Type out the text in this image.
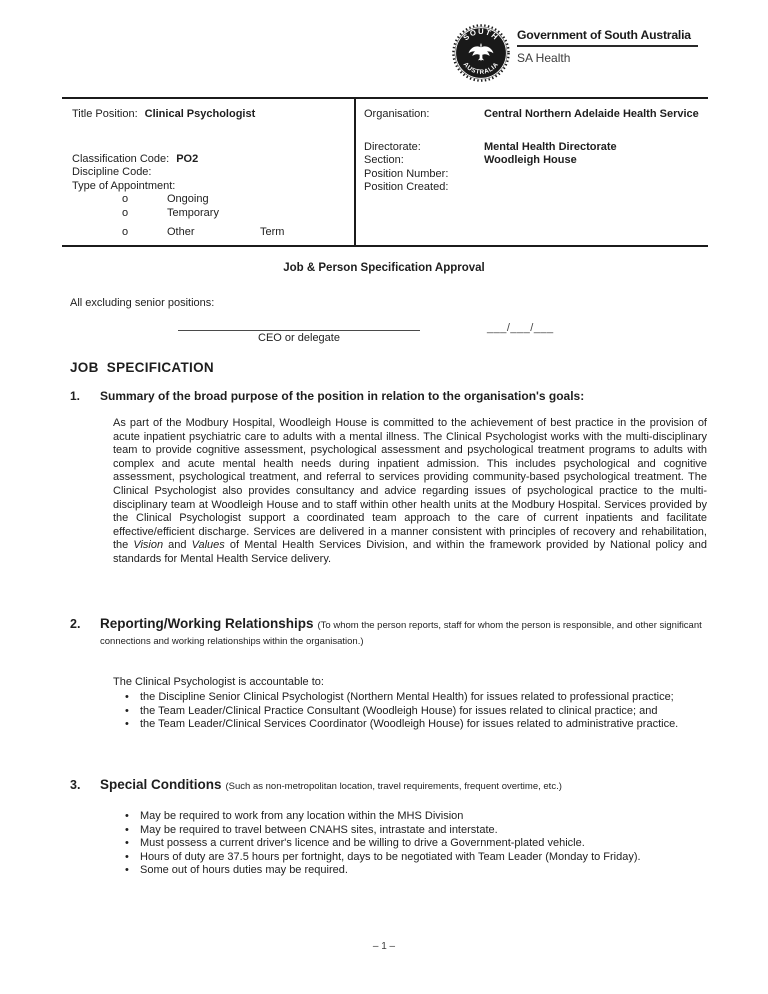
SOUTH
AUSTRALIA
Government of South Australia
SA Health
Title Position: Clinical Psychologist
Classification Code: PO2
Discipline Code:
Type of Appointment:
o	Ongoing
o	Temporary
o	Other	Term
Organisation:	Central Northern Adelaide Health Service
Directorate:	Mental Health Directorate
Section:	Woodleigh House
Position Number:
Position Created:
Job & Person Specification Approval
All excluding senior positions:
CEO or delegate
___/___/___
JOB  SPECIFICATION
1.	Summary of the broad purpose of the position in relation to the organisation's goals:

As part of the Modbury Hospital, Woodleigh House is committed to the achievement of best practice in the provision of acute inpatient psychiatric care to adults with a mental illness. The Clinical Psychologist works with the multi-disciplinary team to provide cognitive assessment, psychological assessment and psychological treatment programs to adults with complex and acute mental health needs during inpatient admission. This includes psychological and cognitive assessment, psychological treatment, and referral to services providing community-based psychological treatment. The Clinical Psychologist also provides consultancy and advice regarding issues of psychological practice to the multi-disciplinary team at Woodleigh House and to staff within other health units at the Modbury Hospital. Services provided by the Clinical Psychologist support a coordinated team approach to the care of current inpatients and facilitate effective/efficient discharge. Services are delivered in a manner consistent with principles of recovery and rehabilitation, the Vision and Values of Mental Health Services Division, and within the framework provided by National policy and standards for Mental Health Service delivery.

2.	Reporting/Working Relationships (To whom the person reports, staff for whom the person is responsible, and other significant connections and working relationships within the organisation.)
The Clinical Psychologist is accountable to:
• the Discipline Senior Clinical Psychologist (Northern Mental Health) for issues related to professional practice;
• the Team Leader/Clinical Practice Consultant (Woodleigh House) for issues related to clinical practice; and
• the Team Leader/Clinical Services Coordinator (Woodleigh House) for issues related to administrative practice.
3.	Special Conditions (Such as non-metropolitan location, travel requirements, frequent overtime, etc.)
• May be required to work from any location within the MHS Division
• May be required to travel between CNAHS sites, intrastate and interstate.
• Must possess a current driver's licence and be willing to drive a Government-plated vehicle.
• Hours of duty are 37.5 hours per fortnight, days to be negotiated with Team Leader (Monday to Friday).
• Some out of hours duties may be required.
– 1 –
